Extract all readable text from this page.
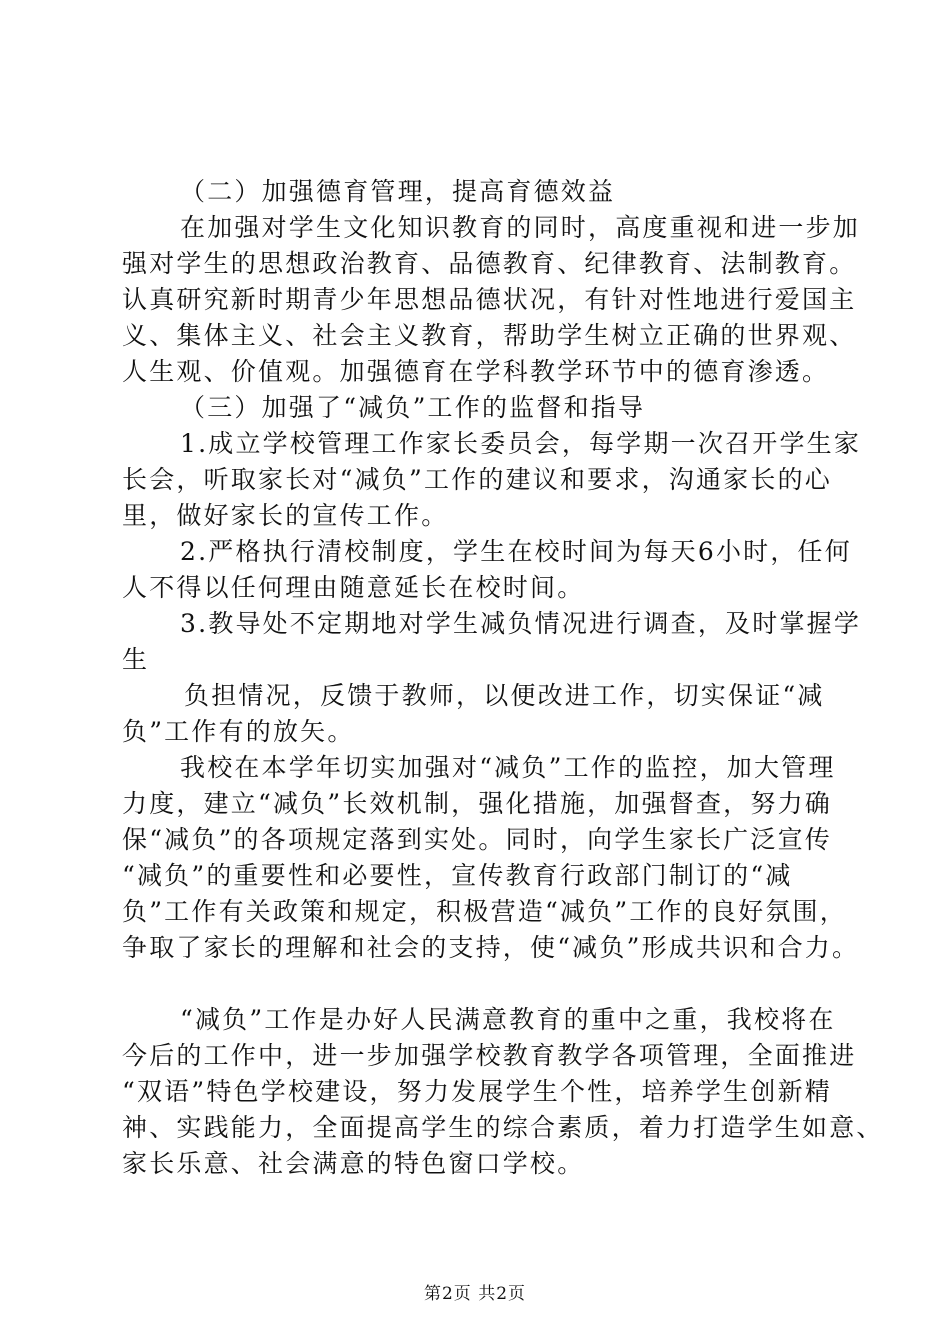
（二）加强德育管理，提高育德效益
在加强对学生文化知识教育的同时，高度重视和进一步加
强对学生的思想政治教育、品德教育、纪律教育、法制教育。
认真研究新时期青少年思想品德状况，有针对性地进行爱国主
义、集体主义、社会主义教育，帮助学生树立正确的世界观、
人生观、价值观。加强德育在学科教学环节中的德育渗透。
（三）加强了“减负”工作的监督和指导
1.成立学校管理工作家长委员会，每学期一次召开学生家
长会，听取家长对“减负”工作的建议和要求，沟通家长的心
里，做好家长的宣传工作。
2.严格执行清校制度，学生在校时间为每天6小时，任何
人不得以任何理由随意延长在校时间。
3.教导处不定期地对学生减负情况进行调查，及时掌握学
生
负担情况，反馈于教师，以便改进工作，切实保证“减
负”工作有的放矢。
我校在本学年切实加强对“减负”工作的监控，加大管理
力度，建立“减负”长效机制，强化措施，加强督查，努力确
保“减负”的各项规定落到实处。同时，向学生家长广泛宣传
“减负”的重要性和必要性，宣传教育行政部门制订的“减
负”工作有关政策和规定，积极营造“减负”工作的良好氛围，
争取了家长的理解和社会的支持，使“减负”形成共识和合力。
“减负”工作是办好人民满意教育的重中之重，我校将在
今后的工作中，进一步加强学校教育教学各项管理，全面推进
“双语”特色学校建设，努力发展学生个性，培养学生创新精
神、实践能力，全面提高学生的综合素质，着力打造学生如意、
家长乐意、社会满意的特色窗口学校。
第2页 共2页
